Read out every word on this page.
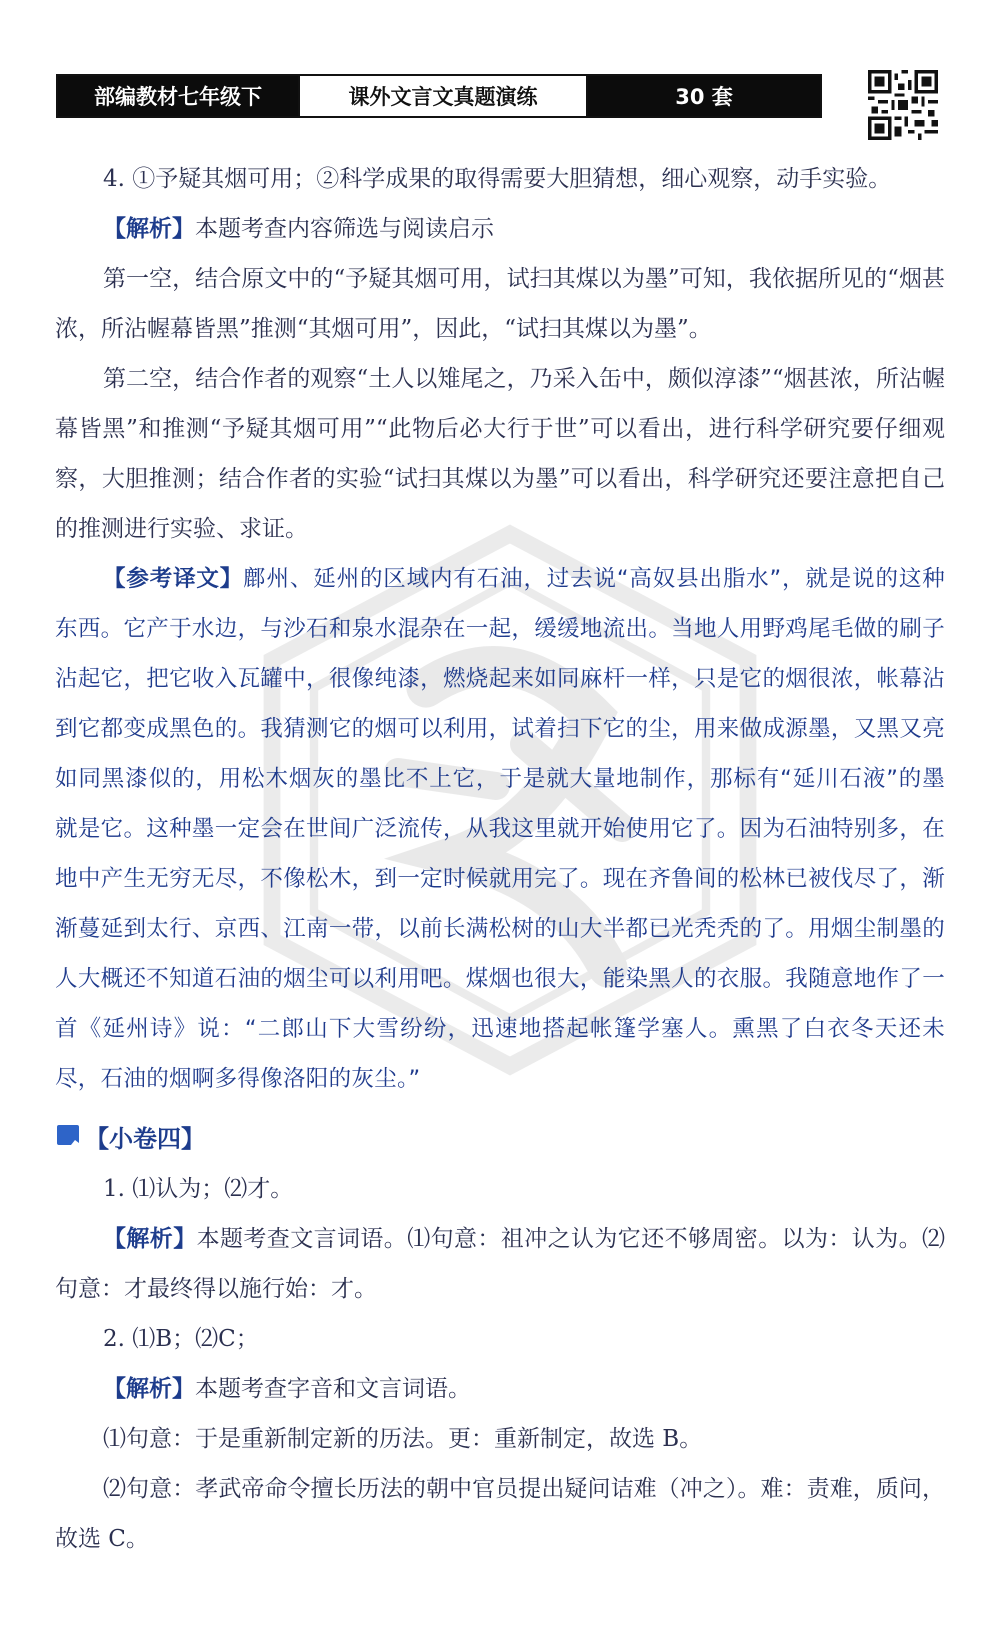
部编教材七年级下	课外文言文真题演练	30 套

4. ①予疑其烟可用；②科学成果的取得需要大胆猜想，细心观察，动手实验。

【解析】本题考查内容筛选与阅读启示

第一空，结合原文中的“予疑其烟可用，试扫其煤以为墨”可知，我依据所见的“烟甚浓，所沾幄幕皆黑”推测“其烟可用”，因此，“试扫其煤以为墨”。

第二空，结合作者的观察“土人以雉尾之，乃采入缶中，颇似淳漆”“烟甚浓，所沾幄幕皆黑”和推测“予疑其烟可用”“此物后必大行于世”可以看出，进行科学研究要仔细观察，大胆推测；结合作者的实验“试扫其煤以为墨”可以看出，科学研究还要注意把自己的推测进行实验、求证。

【参考译文】鄜州、延州的区域内有石油，过去说“高奴县出脂水”，就是说的这种东西。它产于水边，与沙石和泉水混杂在一起，缓缓地流出。当地人用野鸡尾毛做的刷子沾起它，把它收入瓦罐中，很像纯漆，燃烧起来如同麻杆一样，只是它的烟很浓，帐幕沾到它都变成黑色的。我猜测它的烟可以利用，试着扫下它的尘，用来做成源墨，又黑又亮如同黑漆似的，用松木烟灰的墨比不上它，于是就大量地制作，那标有“延川石液”的墨就是它。这种墨一定会在世间广泛流传，从我这里就开始使用它了。因为石油特别多，在地中产生无穷无尽，不像松木，到一定时候就用完了。现在齐鲁间的松林已被伐尽了，渐渐蔓延到太行、京西、江南一带，以前长满松树的山大半都已光秃秃的了。用烟尘制墨的人大概还不知道石油的烟尘可以利用吧。煤烟也很大，能染黑人的衣服。我随意地作了一首《延州诗》说：“二郎山下大雪纷纷，迅速地搭起帐篷学塞人。熏黑了白衣冬天还未尽，石油的烟啊多得像洛阳的灰尘。”

【小卷四】

1. ⑴认为；⑵才。

【解析】本题考查文言词语。⑴句意：祖冲之认为它还不够周密。以为：认为。⑵句意：才最终得以施行始：才。

2. ⑴B；⑵C；

【解析】本题考查字音和文言词语。

⑴句意：于是重新制定新的历法。更：重新制定，故选 B。

⑵句意：孝武帝命令擅长历法的朝中官员提出疑问诘难（冲之）。难：责难，质问，故选 C。
